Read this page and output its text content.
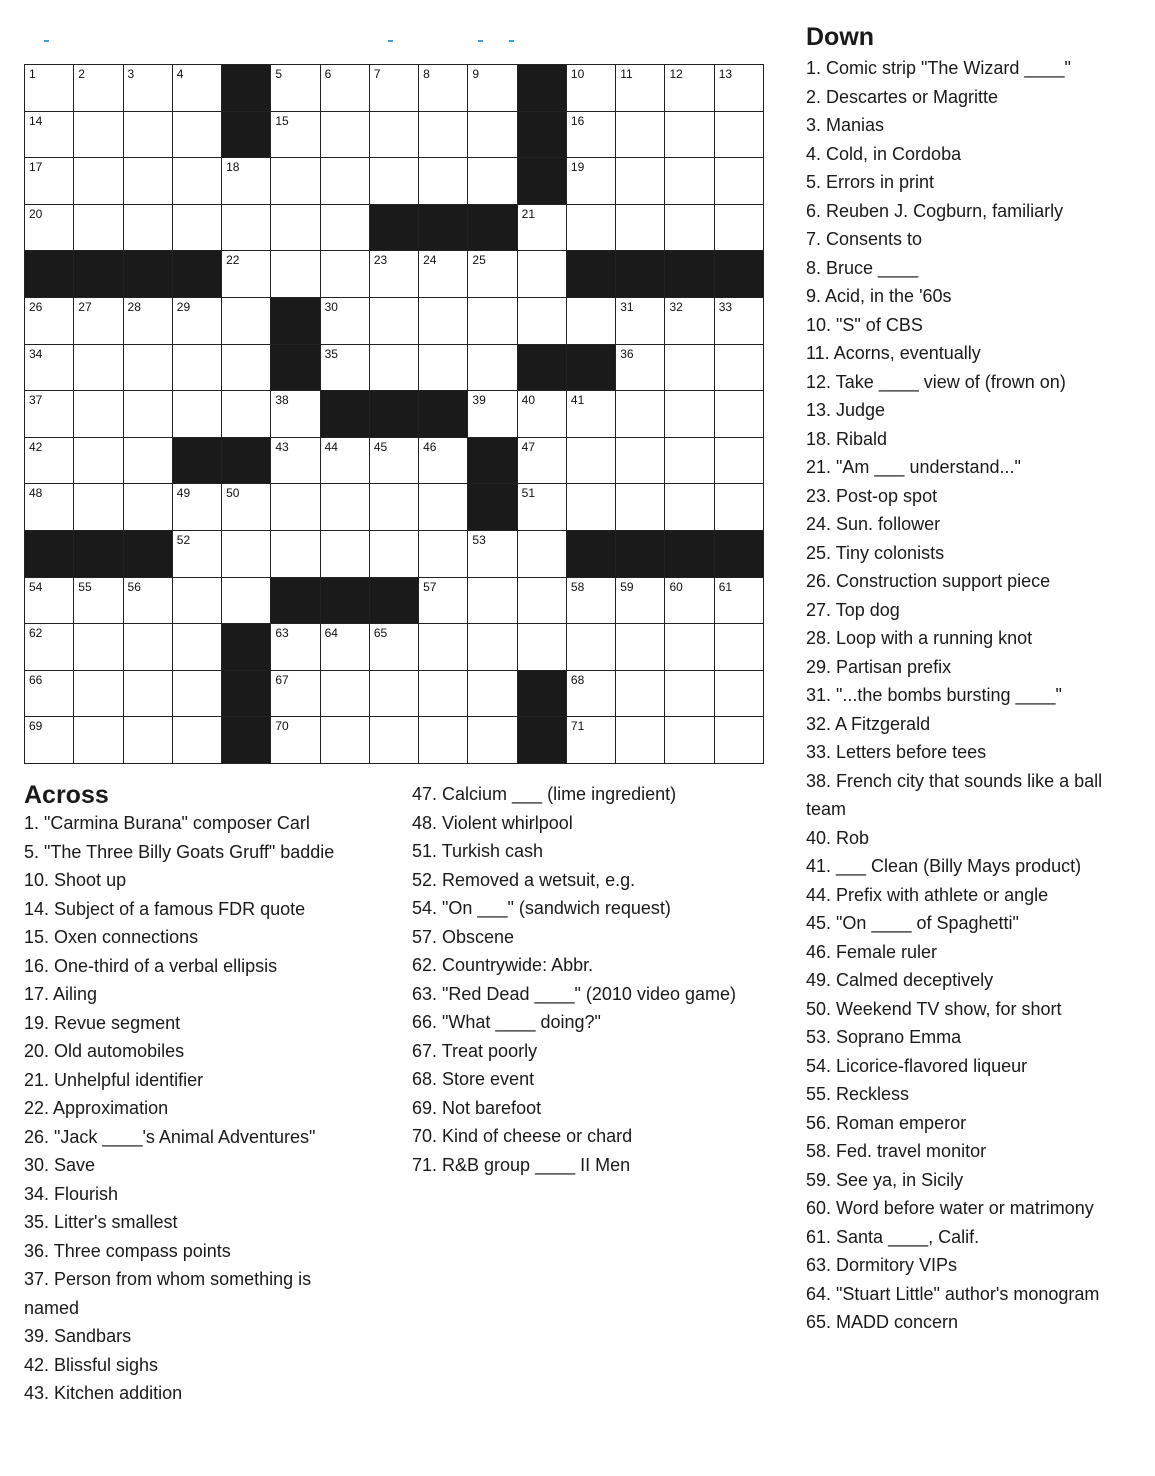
1	2	3	4	5	6	7	8	9	10	11	12	13
14	15	16
17	18	19
20	21
22	23	24	25
26	27	28	29	30	31	32	33
34	35	36
37	38	39	40	41
42	43	44	45	46	47
48	49	50	51
52	53
54	55	56	57	58	59	60	61
62	63	64	65
66	67	68
69	70	71
Across
1. "Carmina Burana" composer Carl
5. "The Three Billy Goats Gruff" baddie
10. Shoot up
14. Subject of a famous FDR quote
15. Oxen connections
16. One-third of a verbal ellipsis
17. Ailing
19. Revue segment
20. Old automobiles
21. Unhelpful identifier
22. Approximation
26. "Jack ____'s Animal Adventures"
30. Save
34. Flourish
35. Litter's smallest
36. Three compass points
37. Person from whom something is named
39. Sandbars
42. Blissful sighs
43. Kitchen addition
47. Calcium ___ (lime ingredient)
48. Violent whirlpool
51. Turkish cash
52. Removed a wetsuit, e.g.
54. "On ___" (sandwich request)
57. Obscene
62. Countrywide: Abbr.
63. "Red Dead ____" (2010 video game)
66. "What ____ doing?"
67. Treat poorly
68. Store event
69. Not barefoot
70. Kind of cheese or chard
71. R&B group ____ II Men
Down
1. Comic strip "The Wizard ____"
2. Descartes or Magritte
3. Manias
4. Cold, in Cordoba
5. Errors in print
6. Reuben J. Cogburn, familiarly
7. Consents to
8. Bruce ____
9. Acid, in the '60s
10. "S" of CBS
11. Acorns, eventually
12. Take ____ view of (frown on)
13. Judge
18. Ribald
21. "Am ___ understand..."
23. Post-op spot
24. Sun. follower
25. Tiny colonists
26. Construction support piece
27. Top dog
28. Loop with a running knot
29. Partisan prefix
31. "...the bombs bursting ____"
32. A Fitzgerald
33. Letters before tees
38. French city that sounds like a ball team
40. Rob
41. ___ Clean (Billy Mays product)
44. Prefix with athlete or angle
45. "On ____ of Spaghetti"
46. Female ruler
49. Calmed deceptively
50. Weekend TV show, for short
53. Soprano Emma
54. Licorice-flavored liqueur
55. Reckless
56. Roman emperor
58. Fed. travel monitor
59. See ya, in Sicily
60. Word before water or matrimony
61. Santa ____, Calif.
63. Dormitory VIPs
64. "Stuart Little" author's monogram
65. MADD concern
